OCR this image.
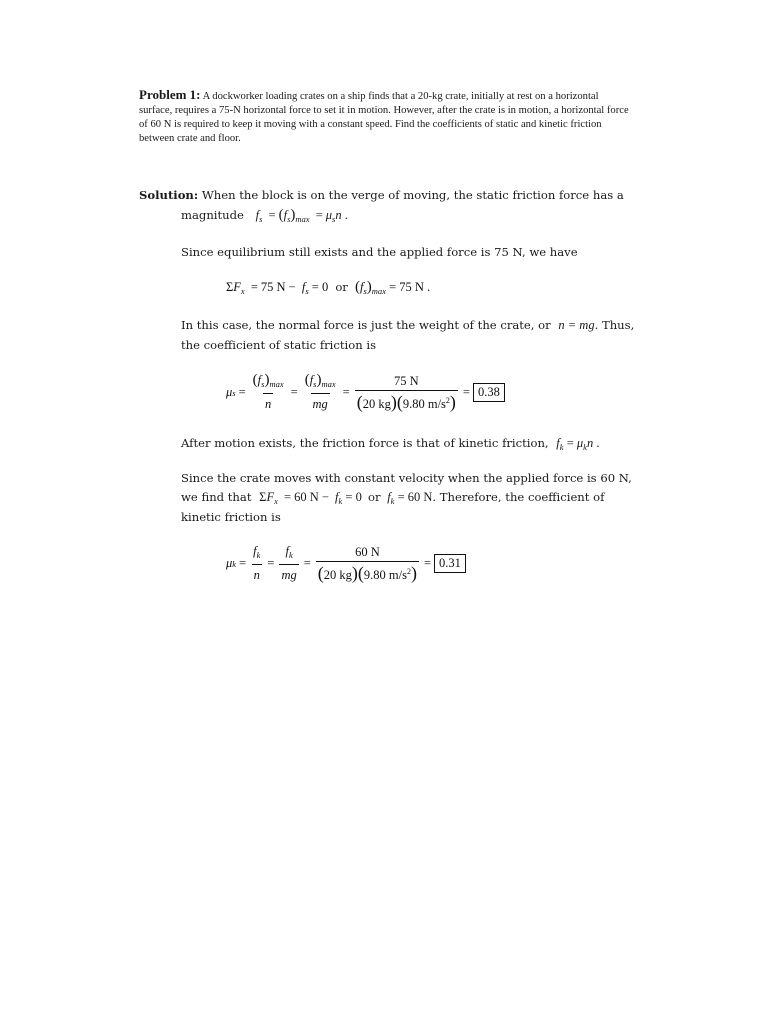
Problem 1: A dockworker loading crates on a ship finds that a 20-kg crate, initially at rest on a horizontal surface, requires a 75-N horizontal force to set it in motion. However, after the crate is in motion, a horizontal force of 60 N is required to keep it moving with a constant speed. Find the coefficients of static and kinetic friction between crate and floor.
Solution: When the block is on the verge of moving, the static friction force has a
magnitude $f_s = (f_s)_{max} = \mu_sn$ .
Since equilibrium still exists and the applied force is 75 N, we have
$\Sigma F_x = 75$ $N - f_s = 0$ or $(f_s)_{max} = 75$ N .
In this case, the normal force is just the weight of the crate, or n = mg. Thus,
the coefficient of static friction is
μ $s = \frac{(f_s)_{max}}{n} = \frac{(f_s)_{max}}{mg} = \frac{75 N}{(20 kg)(9.80 m/s^2)} = 0.38$
After motion exists, the friction force is that of kinetic friction, $f_k = \mu_kn$ .
Since the crate moves with constant velocity when the applied force is 60 N,
we find that $\Sigma F_x = 60$ $N - f_k = 0$ or $f_k = 60$ N. Therefore, the coefficient of
kinetic friction is
μ $k = \frac{f_k}{n} = \frac{f_k}{mg} = \frac{60 N}{(20 kg)(9.80 m/s^2)} = 0.31$
